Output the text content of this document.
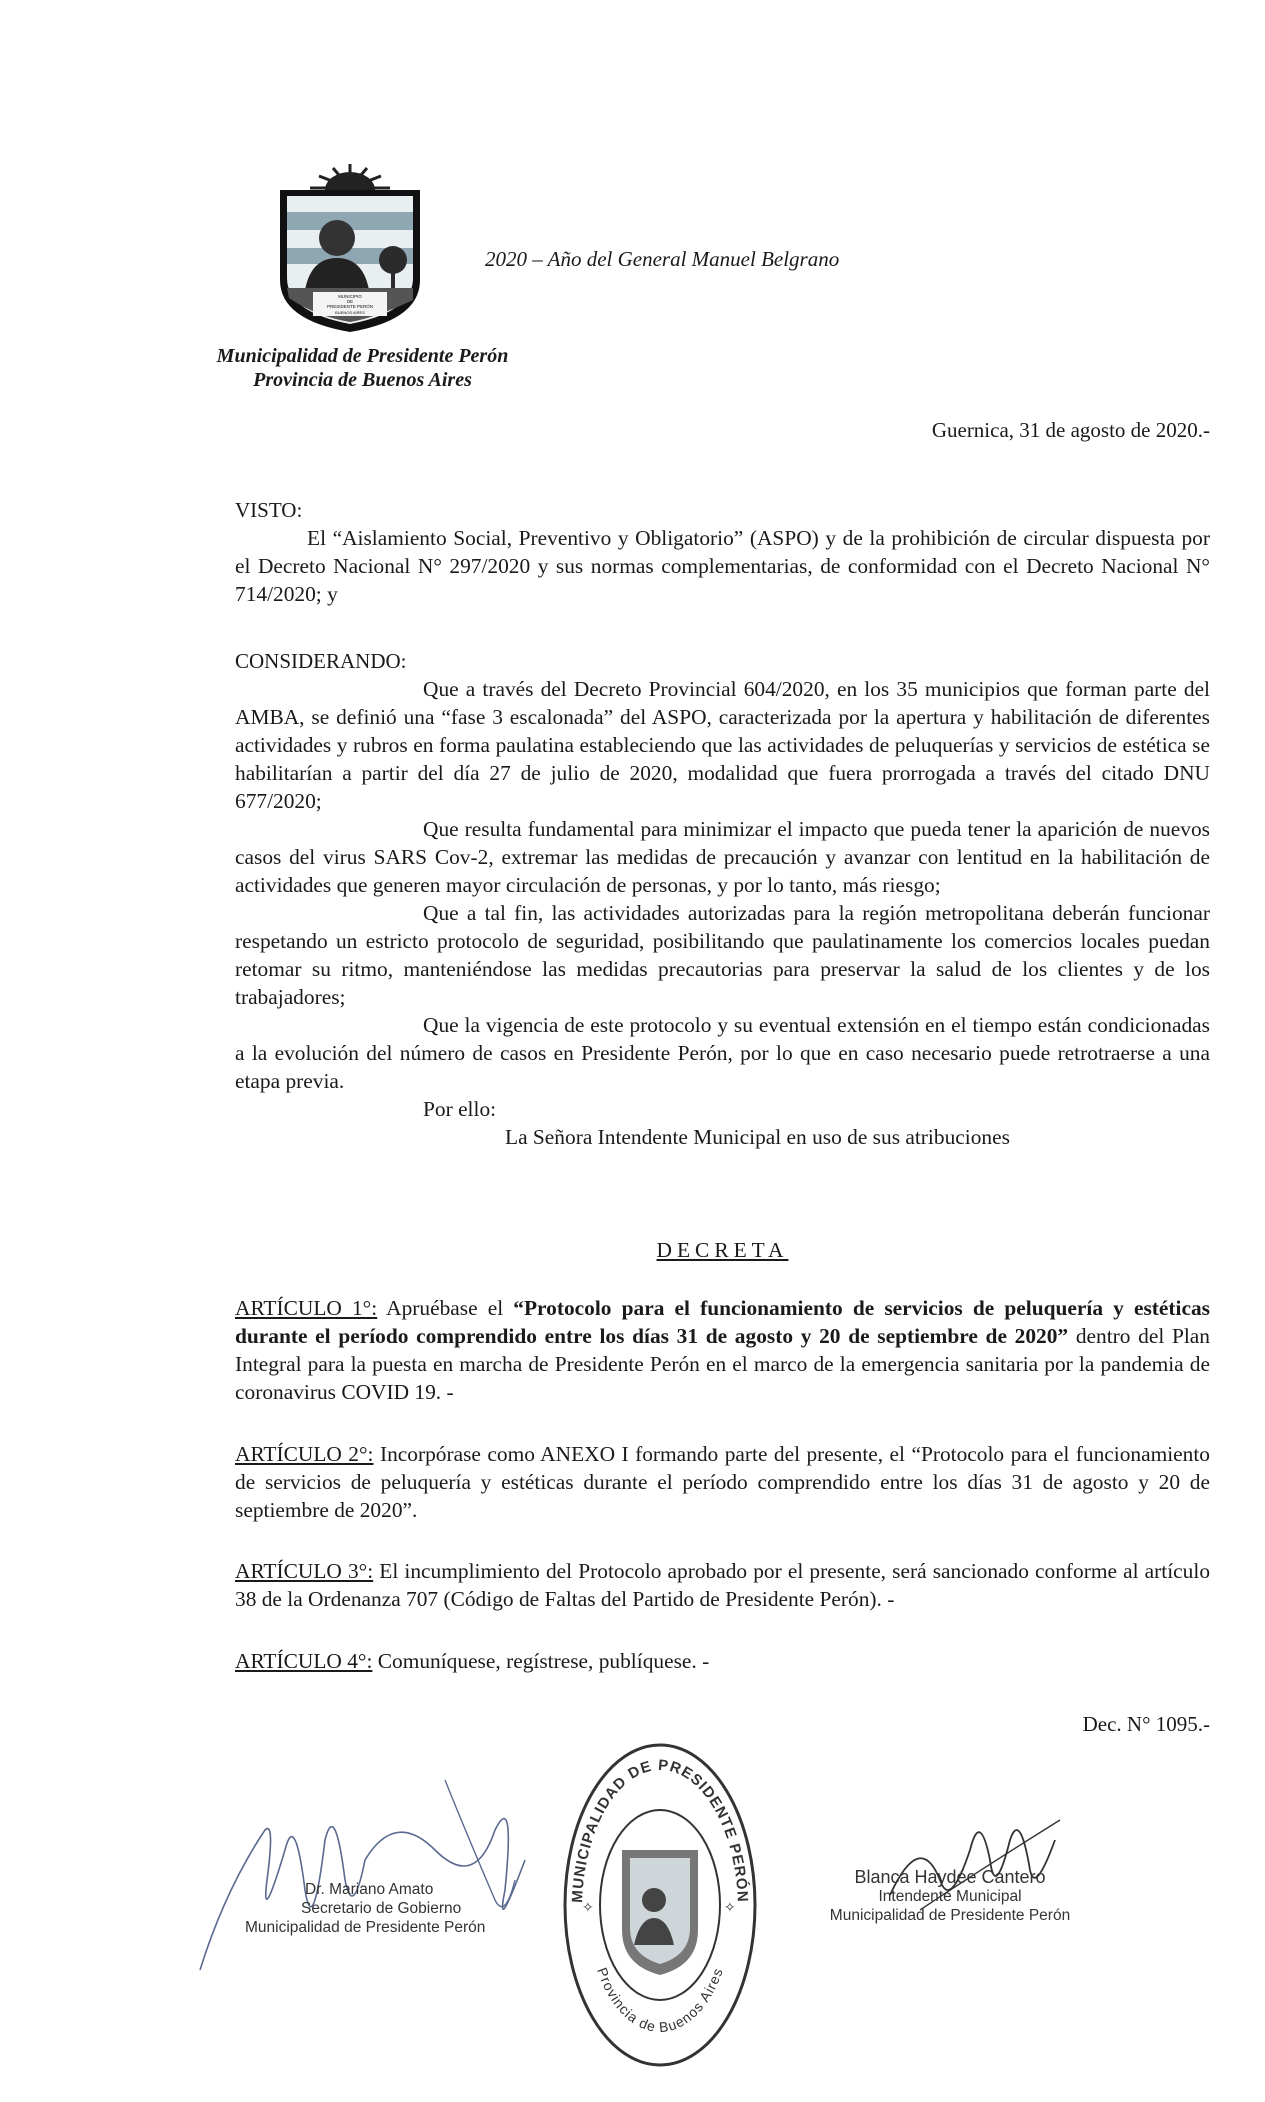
MUNICIPIO
DE
PRESIDENTE PERÓN
BUENOS AIRES
2020 – Año del General Manuel Belgrano
Municipalidad de Presidente Perón
Provincia de Buenos Aires
Guernica, 31 de agosto de 2020.-

VISTO:

El “Aislamiento Social, Preventivo y Obligatorio” (ASPO) y de la prohibición de circular dispuesta por el Decreto Nacional N° 297/2020 y sus normas complementarias, de conformidad con el Decreto Nacional N° 714/2020; y

CONSIDERANDO:

Que a través del Decreto Provincial 604/2020, en los 35 municipios que forman parte del AMBA, se definió una “fase 3 escalonada” del ASPO, caracterizada por la apertura y habilitación de diferentes actividades y rubros en forma paulatina estableciendo que las actividades de peluquerías y servicios de estética se habilitarían a partir del día 27 de julio de 2020, modalidad que fuera prorrogada a través del citado DNU 677/2020;

Que resulta fundamental para minimizar el impacto que pueda tener la aparición de nuevos casos del virus SARS Cov-2, extremar las medidas de precaución y avanzar con lentitud en la habilitación de actividades que generen mayor circulación de personas, y por lo tanto, más riesgo;

Que a tal fin, las actividades autorizadas para la región metropolitana deberán funcionar respetando un estricto protocolo de seguridad, posibilitando que paulatinamente los comercios locales puedan retomar su ritmo, manteniéndose las medidas precautorias para preservar la salud de los clientes y de los trabajadores;

Que la vigencia de este protocolo y su eventual extensión en el tiempo están condicionadas a la evolución del número de casos en Presidente Perón, por lo que en caso necesario puede retrotraerse a una etapa previa.

Por ello:

La Señora Intendente Municipal en uso de sus atribuciones

DECRETA

ARTÍCULO 1°: Apruébase el “Protocolo para el funcionamiento de servicios de peluquería y estéticas durante el período comprendido entre los días 31 de agosto y 20 de septiembre de 2020” dentro del Plan Integral para la puesta en marcha de Presidente Perón en el marco de la emergencia sanitaria por la pandemia de coronavirus COVID 19. -

ARTÍCULO 2°: Incorpórase como ANEXO I formando parte del presente, el “Protocolo para el funcionamiento de servicios de peluquería y estéticas durante el período comprendido entre los días 31 de agosto y 20 de septiembre de 2020”.

ARTÍCULO 3°: El incumplimiento del Protocolo aprobado por el presente, será sancionado conforme al artículo 38 de la Ordenanza 707 (Código de Faltas del Partido de Presidente Perón). -

ARTÍCULO 4°: Comuníquese, regístrese, publíquese. -

Dec. N° 1095.-
Dr. Mariano Amato
Secretario de Gobierno
Municipalidad de Presidente Perón
MUNICIPALIDAD DE PRESIDENTE PERÓN
Provincia de Buenos Aires
✧	✧
Blanca Haydée Cantero
Intendente Municipal
Municipalidad de Presidente Perón
